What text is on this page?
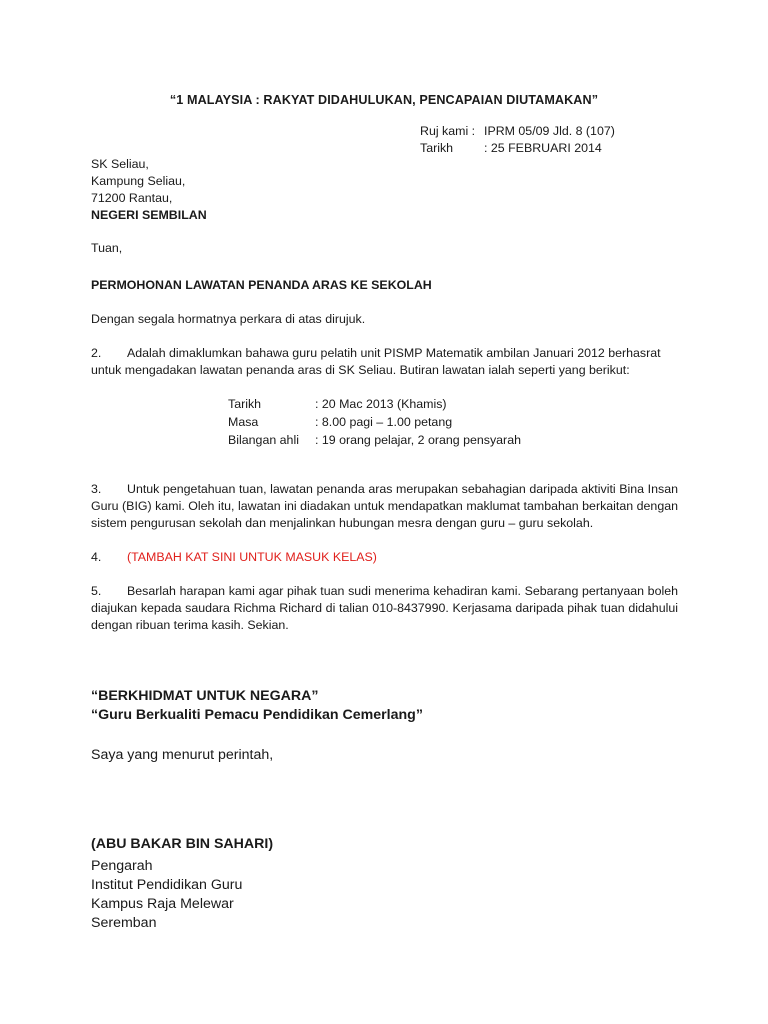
“1 MALAYSIA : RAKYAT DIDAHULUKAN, PENCAPAIAN DIUTAMAKAN”
Ruj kami : IPRM 05/09 Jld. 8 (107)
Tarikh	: 25 FEBRUARI 2014
SK Seliau,
Kampung Seliau,
71200 Rantau,
NEGERI SEMBILAN
Tuan,
PERMOHONAN LAWATAN PENANDA ARAS KE SEKOLAH
Dengan segala hormatnya perkara di atas dirujuk.
2. Adalah dimaklumkan bahawa guru pelatih unit PISMP Matematik ambilan Januari 2012 berhasrat untuk mengadakan lawatan penanda aras di SK Seliau. Butiran lawatan ialah seperti yang berikut:
Tarikh	: 20 Mac 2013 (Khamis)
Masa	: 8.00 pagi – 1.00 petang
Bilangan ahli	: 19 orang pelajar, 2 orang pensyarah
3. Untuk pengetahuan tuan, lawatan penanda aras merupakan sebahagian daripada aktiviti Bina Insan Guru (BIG) kami. Oleh itu, lawatan ini diadakan untuk mendapatkan maklumat tambahan berkaitan dengan sistem pengurusan sekolah dan menjalinkan hubungan mesra dengan guru – guru sekolah.
4. (TAMBAH KAT SINI UNTUK MASUK KELAS)
5. Besarlah harapan kami agar pihak tuan sudi menerima kehadiran kami. Sebarang pertanyaan boleh diajukan kepada saudara Richma Richard di talian 010-8437990. Kerjasama daripada pihak tuan didahului dengan ribuan terima kasih. Sekian.
“BERKHIDMAT UNTUK NEGARA”
“Guru Berkualiti Pemacu Pendidikan Cemerlang”
Saya yang menurut perintah,
(ABU BAKAR BIN SAHARI)
Pengarah
Institut Pendidikan Guru
Kampus Raja Melewar
Seremban
